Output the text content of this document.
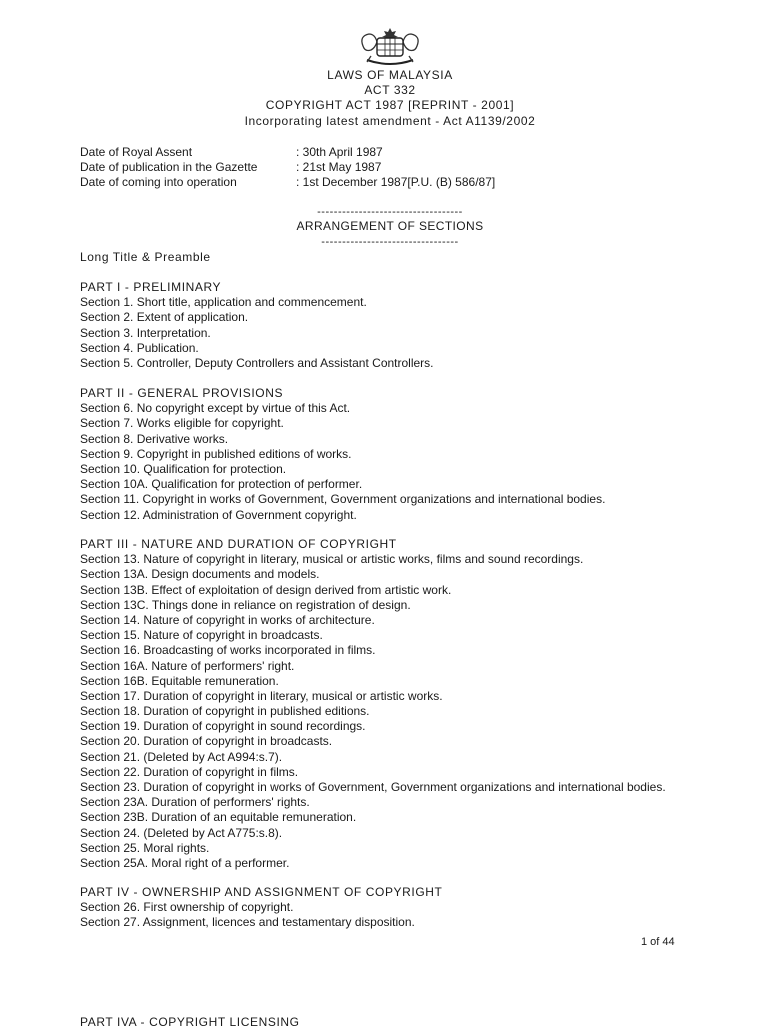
LAWS OF MALAYSIA
ACT 332
COPYRIGHT ACT 1987 [REPRINT - 2001]
Incorporating latest amendment - Act A1139/2002
Date of Royal Assent	: 30th April 1987
Date of publication in the Gazette	: 21st May 1987
Date of coming into operation	: 1st December 1987[P.U. (B) 586/87]
-----------------------------------
ARRANGEMENT OF SECTIONS
---------------------------------
Long Title & Preamble
PART I - PRELIMINARY
Section 1. Short title, application and commencement.
Section 2. Extent of application.
Section 3. Interpretation.
Section 4. Publication.
Section 5. Controller, Deputy Controllers and Assistant Controllers.
PART II - GENERAL PROVISIONS
Section 6. No copyright except by virtue of this Act.
Section 7. Works eligible for copyright.
Section 8. Derivative works.
Section 9. Copyright in published editions of works.
Section 10. Qualification for protection.
Section 10A. Qualification for protection of performer.
Section 11. Copyright in works of Government, Government organizations and international bodies.
Section 12. Administration of Government copyright.
PART III - NATURE AND DURATION OF COPYRIGHT
Section 13. Nature of copyright in literary, musical or artistic works, films and sound recordings.
Section 13A. Design documents and models.
Section 13B. Effect of exploitation of design derived from artistic work.
Section 13C. Things done in reliance on registration of design.
Section 14. Nature of copyright in works of architecture.
Section 15. Nature of copyright in broadcasts.
Section 16. Broadcasting of works incorporated in films.
Section 16A. Nature of performers' right.
Section 16B. Equitable remuneration.
Section 17. Duration of copyright in literary, musical or artistic works.
Section 18. Duration of copyright in published editions.
Section 19. Duration of copyright in sound recordings.
Section 20. Duration of copyright in broadcasts.
Section 21. (Deleted by Act A994:s.7).
Section 22. Duration of copyright in films.
Section 23. Duration of copyright in works of Government, Government organizations and international bodies.
Section 23A. Duration of performers' rights.
Section 23B. Duration of an equitable remuneration.
Section 24. (Deleted by Act A775:s.8).
Section 25. Moral rights.
Section 25A. Moral right of a performer.
PART IV - OWNERSHIP AND ASSIGNMENT OF COPYRIGHT
Section 26. First ownership of copyright.
Section 27. Assignment, licences and testamentary disposition.
1 of 44
PART IVA - COPYRIGHT LICENSING
